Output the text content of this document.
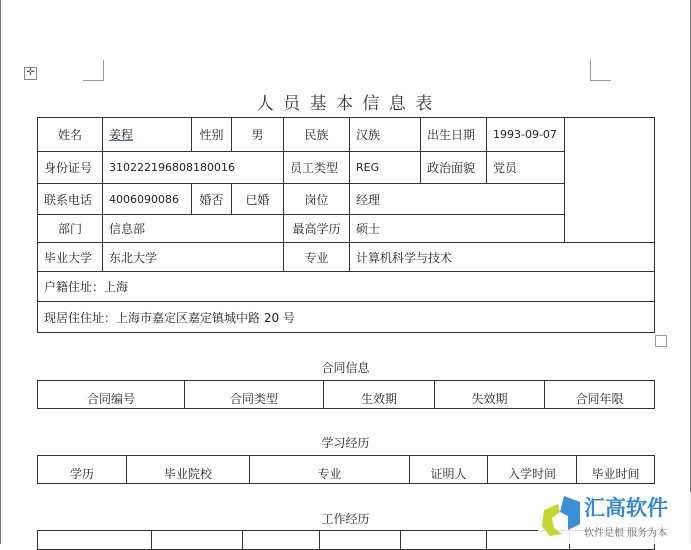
✛
人 员 基 本 信 息 表
姓名	姜程	性别	男	民族	汉族	出生日期	1993-09-07
身份证号	310222196808180016	员工类型	REG	政治面貌	党员
联系电话	4006090086	婚否	已婚	岗位	经理
部门	信息部	最高学历	硕士
毕业大学	东北大学	专业	计算机科学与技术
户籍住址：上海
现居住住址：上海市嘉定区嘉定镇城中路 20 号
合同信息
合同编号	合同类型	生效期	失效期	合同年限
学习经历
学历	毕业院校	专业	证明人	入学时间	毕业时间
工作经历	汇高软件
软件是根 服务为本
